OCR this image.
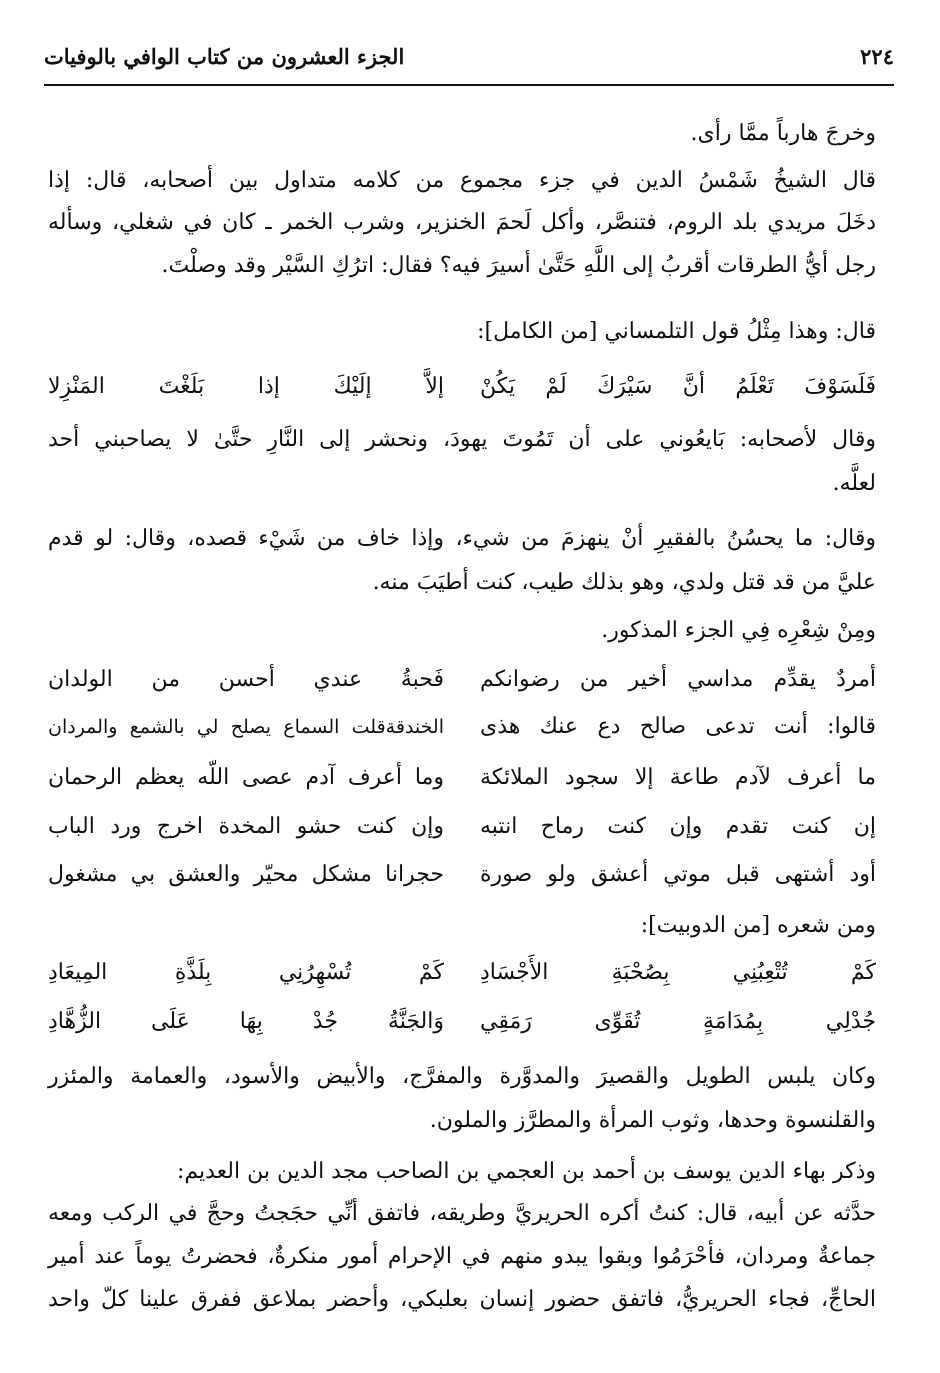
٢٢٤
الجزء العشرون من كتاب الوافي بالوفيات
وخرجَ هارباً ممَّا رأى.
قال الشيخُ شَمْسُ الدين في جزء مجموع من كلامه متداول بين أصحابه، قال: إذا
دخَلَ مريدي بلد الروم، فتنصَّر، وأكل لَحمَ الخنزير، وشرب الخمر ـ كان في شغلي، وسأله
رجل أيُّ الطرقات أقربُ إلى اللَّهِ حَتَّىٰ أسيرَ فيه؟ فقال: اترُكِ السَّيْر وقد وصلْتَ.
قال: وهذا مِثْلُ قول التلمساني [من الكامل]:
فَلَسَوْفَ تَعْلَمُ أنَّ سَيْرَكَ لَمْ يَكُنْ
إلاَّ إلَيْكَ إذا بَلَغْتَ المَنْزِلا
وقال لأصحابه: بَايعُوني على أن تَمُوتَ يهودَ، ونحشر إلى النَّارِ حتَّىٰ لا يصاحبني أحد
لعلَّه.
وقال: ما يحسُنُ بالفقيرِ أنْ ينهزمَ من شيء، وإذا خاف من شَيْء قصده، وقال: لو قدم
عليَّ من قد قتل ولدي، وهو بذلك طيب، كنت أطيَبَ منه.
ومِنْ شِعْرِه فِي الجزء المذكور.
أمردٌ يقدِّم مداسي أخير من رضوانكم
فَحبةُ عندي أحسن من الولدان
قالوا: أنت تدعى صالح دع عنك هذى
الخندقةقلت السماع يصلح لي بالشمع والمردان
ما أعرف لآدم طاعة إلا سجود الملائكة
وما أعرف آدم عصى اللّه يعظم الرحمان
إن كنت تقدم وإن كنت رماح انتبه
وإن كنت حشو المخدة اخرج ورد الباب
أود أشتهى قبل موتي أعشق ولو صورة
حجرانا مشكل محيّر والعشق بي مشغول
ومن شعره [من الدوبيت]:
كَمْ تُتْعِبُنِي بِصُحْبَةِ الأَجْسَادِ
كَمْ تُسْهِرُنِي بِلَذَّةِ المِيعَادِ
جُدْلِي بِمُدَامَةٍ تُقَوِّى رَمَقِي
وَالجَنَّةُ جُدْ بِهَا عَلَى الزُّهَّادِ
وكان يلبس الطويل والقصيرَ والمدوَّرة والمفرَّج، والأبيض والأسود، والعمامة والمئزر
والقلنسوة وحدها، وثوب المرأة والمطرَّز والملون.
وذكر بهاء الدين يوسف بن أحمد بن العجمي بن الصاحب مجد الدين بن العديم:
حدَّثه عن أبيه، قال: كنتُ أكره الحريريَّ وطريقه، فاتفق أنِّي حجَجتُ وحجَّ في الركب ومعه
جماعةٌ ومردان، فأحْرَمُوا وبقوا يبدو منهم في الإحرام أمور منكرةٌ، فحضرتُ يوماً عند أمير
الحاجِّ، فجاء الحريريُّ، فاتفق حضور إنسان بعلبكي، وأحضر بملاعق ففرق علينا كلّ واحد
